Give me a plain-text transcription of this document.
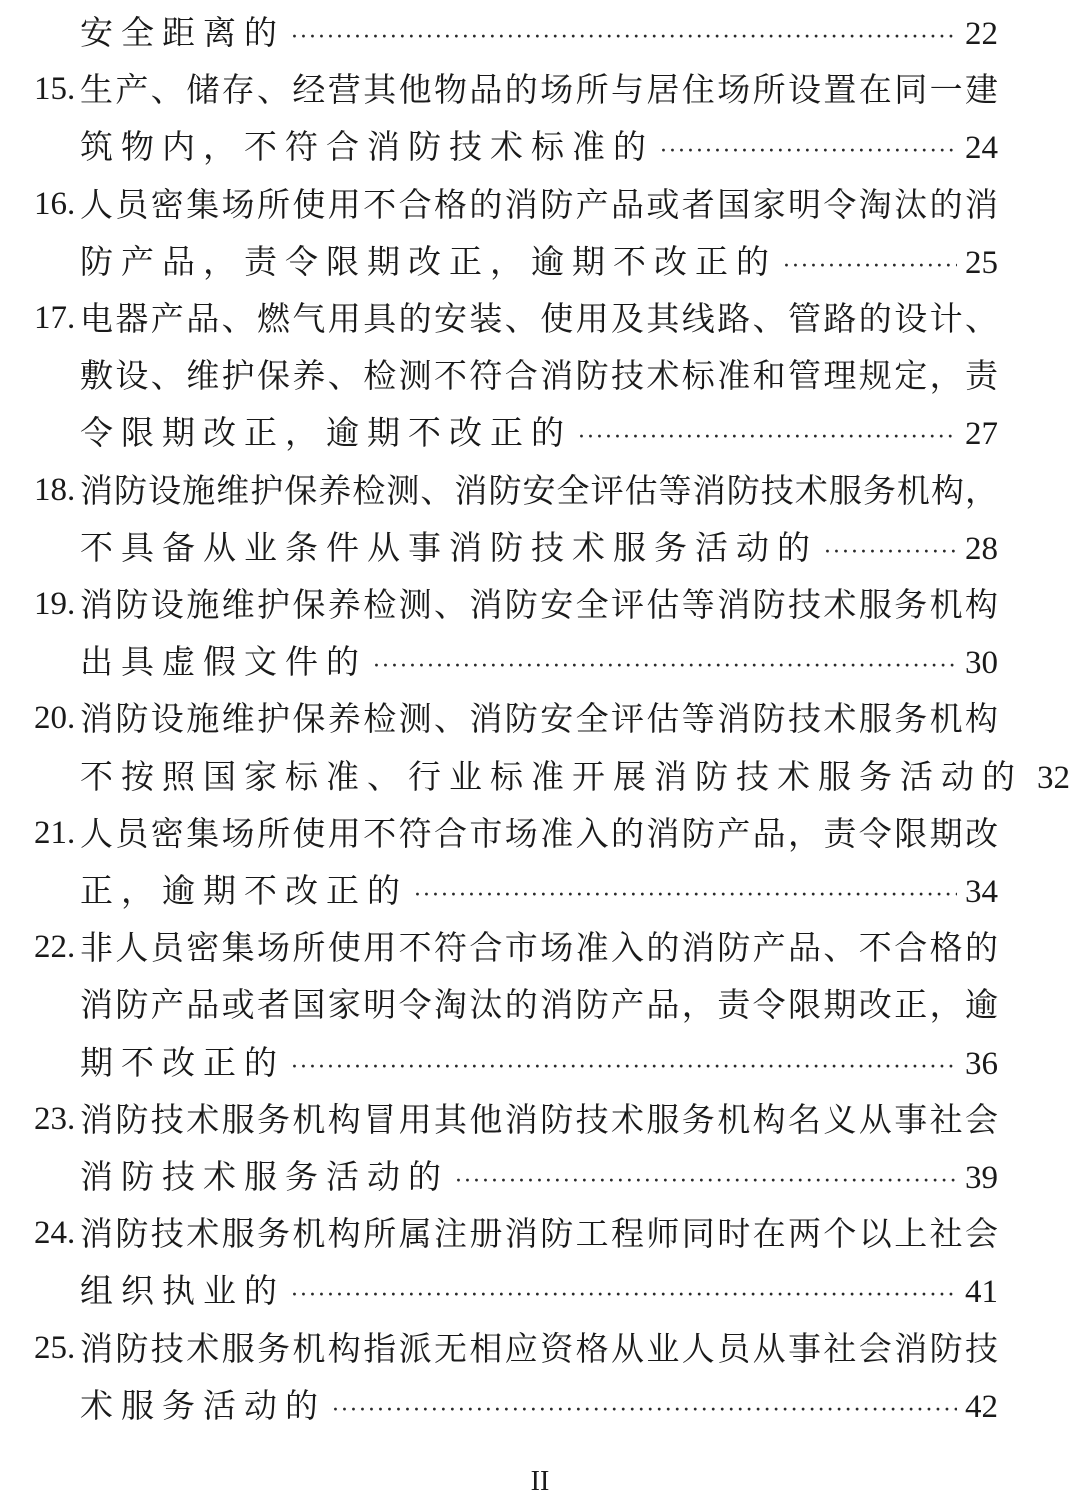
安全距离的 ·····	22
15. 生产、储存、经营其他物品的场所与居住场所设置在同一建
筑物内，不符合消防技术标准的 ·····	24
16. 人员密集场所使用不合格的消防产品或者国家明令淘汰的消
防产品，责令限期改正，逾期不改正的 ·····	25
17. 电器产品、燃气用具的安装、使用及其线路、管路的设计、
敷设、维护保养、检测不符合消防技术标准和管理规定，责
令限期改正，逾期不改正的 ·····	27
18. 消防设施维护保养检测、消防安全评估等消防技术服务机构，
不具备从业条件从事消防技术服务活动的 ·····	28
19. 消防设施维护保养检测、消防安全评估等消防技术服务机构
出具虚假文件的 ·····	30
20. 消防设施维护保养检测、消防安全评估等消防技术服务机构
不按照国家标准、行业标准开展消防技术服务活动的 32
21. 人员密集场所使用不符合市场准入的消防产品，责令限期改
正，逾期不改正的 ·····	34
22. 非人员密集场所使用不符合市场准入的消防产品、不合格的
消防产品或者国家明令淘汰的消防产品，责令限期改正，逾
期不改正的 ·····	36
23. 消防技术服务机构冒用其他消防技术服务机构名义从事社会
消防技术服务活动的 ·····	39
24. 消防技术服务机构所属注册消防工程师同时在两个以上社会
组织执业的 ·····	41
25. 消防技术服务机构指派无相应资格从业人员从事社会消防技
术服务活动的 ·····	42
II
